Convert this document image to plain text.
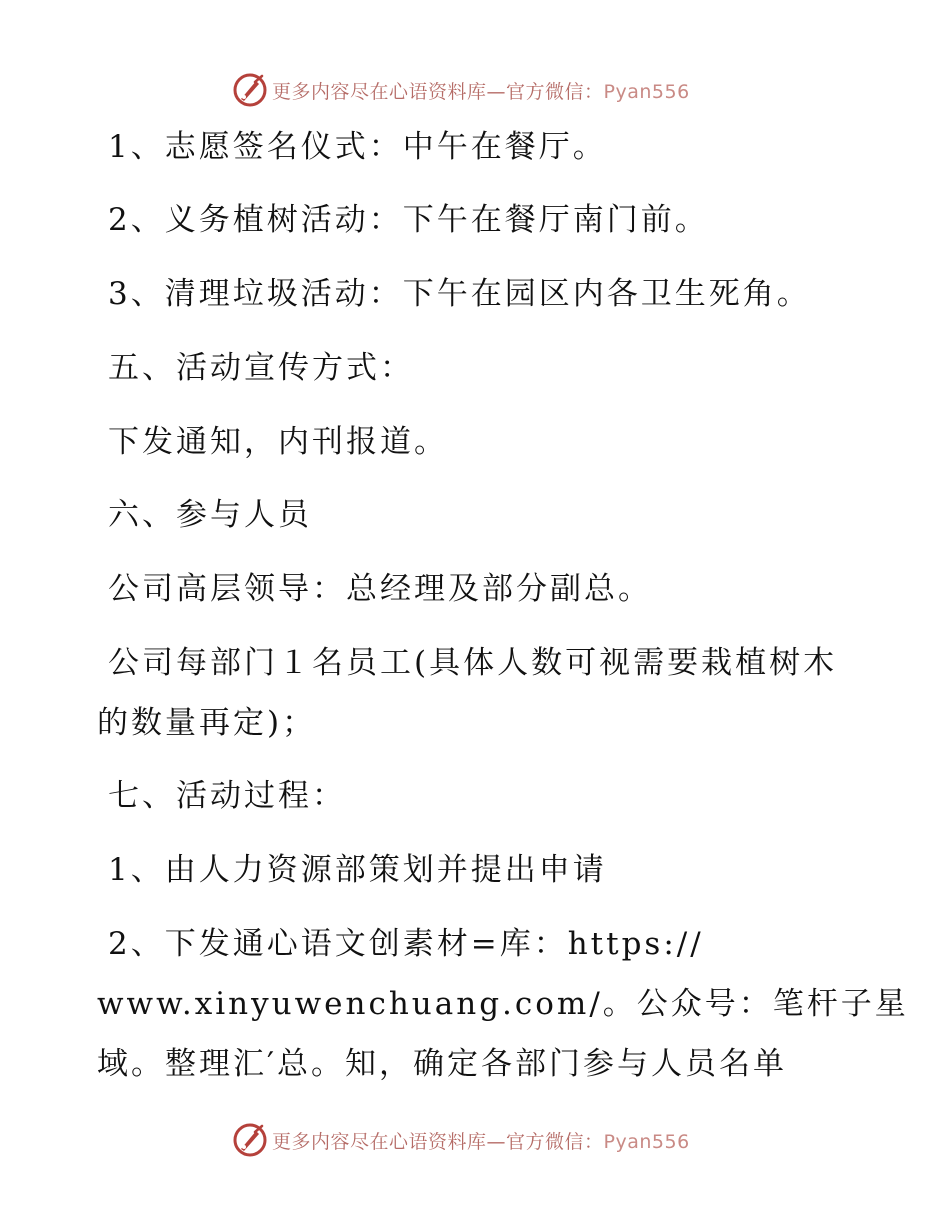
更多内容尽在心语资料库—官方微信：Pyan556
1、志愿签名仪式：中午在餐厅。
2、义务植树活动：下午在餐厅南门前。
3、清理垃圾活动：下午在园区内各卫生死角。
五、活动宣传方式：
下发通知，内刊报道。
六、参与人员
公司高层领导：总经理及部分副总。
公司每部门１名员工(具体人数可视需要栽植树木
的数量再定)；
七、活动过程：
1、由人力资源部策划并提出申请
2、下发通心语文创素材=库：https://
www.xinyuwenchuang.com/。公众号：笔杆子星
域。整理汇′总。知，确定各部门参与人员名单
更多内容尽在心语资料库—官方微信：Pyan556
